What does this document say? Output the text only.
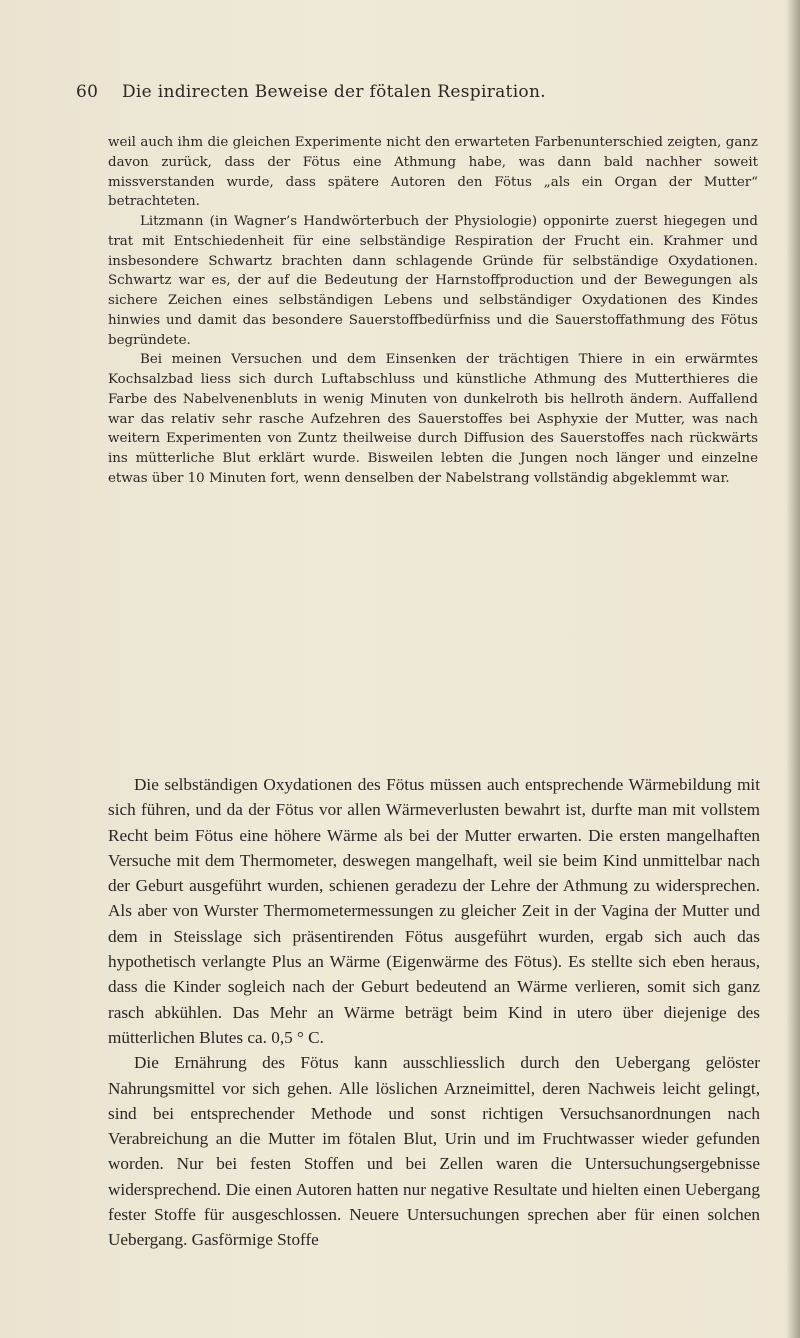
60 Die indirecten Beweise der fötalen Respiration.

weil auch ihm die gleichen Experimente nicht den erwarteten Farbenunterschied zeigten, ganz davon zurück, dass der Fötus eine Athmung habe, was dann bald nachher soweit missverstanden wurde, dass spätere Autoren den Fötus „als ein Organ der Mutter“ betrachteten.

Litzmann (in Wagner’s Handwörterbuch der Physiologie) opponirte zuerst hiegegen und trat mit Entschiedenheit für eine selbständige Respiration der Frucht ein. Krahmer und insbesondere Schwartz brachten dann schlagende Gründe für selbständige Oxydationen. Schwartz war es, der auf die Bedeutung der Harnstoffproduction und der Bewegungen als sichere Zeichen eines selbständigen Lebens und selbständiger Oxydationen des Kindes hinwies und damit das besondere Sauerstoffbedürfniss und die Sauerstoffathmung des Fötus begründete.

Bei meinen Versuchen und dem Einsenken der trächtigen Thiere in ein erwärmtes Kochsalzbad liess sich durch Luftabschluss und künstliche Athmung des Mutterthieres die Farbe des Nabelvenenbluts in wenig Minuten von dunkelroth bis hellroth ändern. Auffallend war das relativ sehr rasche Aufzehren des Sauerstoffes bei Asphyxie der Mutter, was nach weitern Experimenten von Zuntz theilweise durch Diffusion des Sauerstoffes nach rückwärts ins mütterliche Blut erklärt wurde. Bisweilen lebten die Jungen noch länger und einzelne etwas über 10 Minuten fort, wenn denselben der Nabelstrang vollständig abgeklemmt war.

Die selbständigen Oxydationen des Fötus müssen auch entsprechende Wärmebildung mit sich führen, und da der Fötus vor allen Wärmeverlusten bewahrt ist, durfte man mit vollstem Recht beim Fötus eine höhere Wärme als bei der Mutter erwarten. Die ersten mangelhaften Versuche mit dem Thermometer, deswegen mangelhaft, weil sie beim Kind unmittelbar nach der Geburt ausgeführt wurden, schienen geradezu der Lehre der Athmung zu widersprechen. Als aber von Wurster Thermometermessungen zu gleicher Zeit in der Vagina der Mutter und dem in Steisslage sich präsentirenden Fötus ausgeführt wurden, ergab sich auch das hypothetisch verlangte Plus an Wärme (Eigenwärme des Fötus). Es stellte sich eben heraus, dass die Kinder sogleich nach der Geburt bedeutend an Wärme verlieren, somit sich ganz rasch abkühlen. Das Mehr an Wärme beträgt beim Kind in utero über diejenige des mütterlichen Blutes ca. 0,5 ° C.

Die Ernährung des Fötus kann ausschliesslich durch den Uebergang gelöster Nahrungsmittel vor sich gehen. Alle löslichen Arzneimittel, deren Nachweis leicht gelingt, sind bei entsprechender Methode und sonst richtigen Versuchsanordnungen nach Verabreichung an die Mutter im fötalen Blut, Urin und im Fruchtwasser wieder gefunden worden. Nur bei festen Stoffen und bei Zellen waren die Untersuchungsergebnisse widersprechend. Die einen Autoren hatten nur negative Resultate und hielten einen Uebergang fester Stoffe für ausgeschlossen. Neuere Untersuchungen sprechen aber für einen solchen Uebergang. Gasförmige Stoffe
